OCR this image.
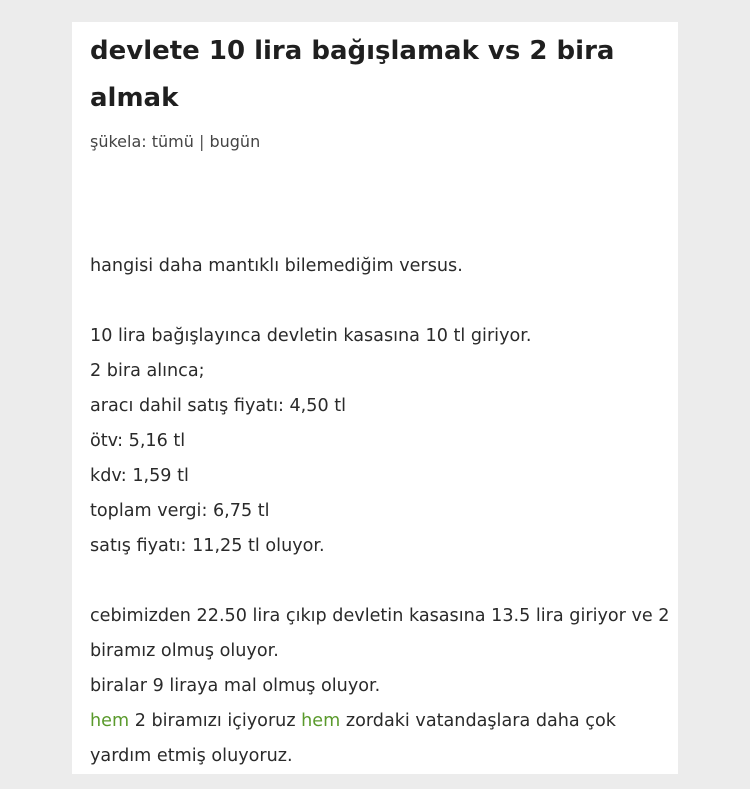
devlete 10 lira bağışlamak vs 2 bira almak
şükela: tümü | bugün

hangisi daha mantıklı bilemediğim versus.

10 lira bağışlayınca devletin kasasına 10 tl giriyor.

2 bira alınca;

aracı dahil satış fiyatı: 4,50 tl

ötv: 5,16 tl

kdv: 1,59 tl

toplam vergi: 6,75 tl

satış fiyatı: 11,25 tl oluyor.

cebimizden 22.50 lira çıkıp devletin kasasına 13.5 lira giriyor ve 2 biramız olmuş oluyor.

biralar 9 liraya mal olmuş oluyor.

hem 2 biramızı içiyoruz hem zordaki vatandaşlara daha çok yardım etmiş oluyoruz.
